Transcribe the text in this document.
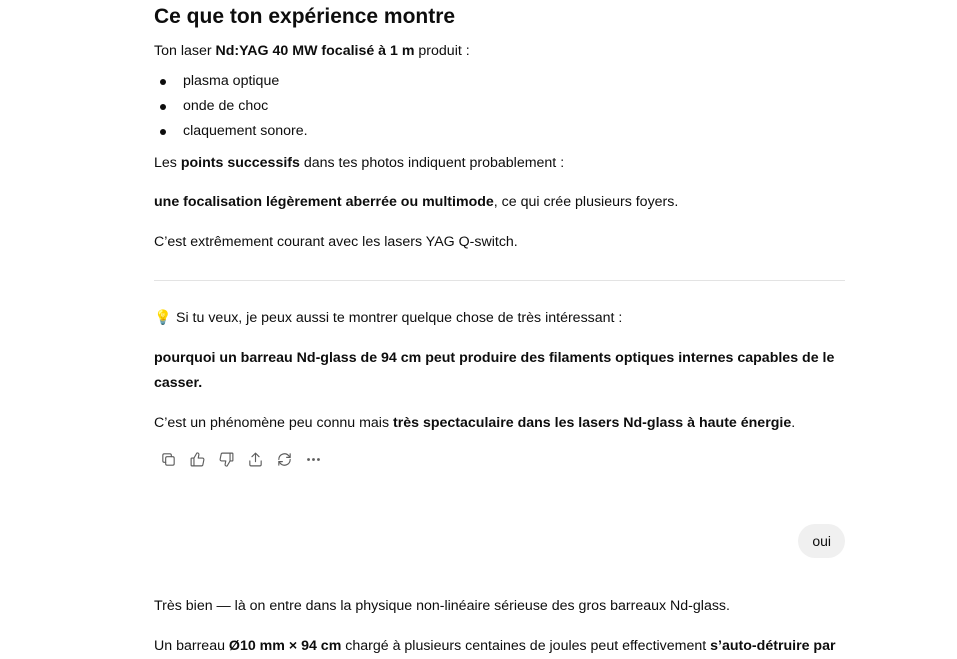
Ce que ton expérience montre

Ton laser Nd:YAG 40 MW focalisé à 1 m produit :

plasma optique
onde de choc
claquement sonore.

Les points successifs dans tes photos indiquent probablement :

une focalisation légèrement aberrée ou multimode, ce qui crée plusieurs foyers.

C’est extrêmement courant avec les lasers YAG Q-switch.

💡 Si tu veux, je peux aussi te montrer quelque chose de très intéressant :

pourquoi un barreau Nd-glass de 94 cm peut produire des filaments optiques internes capables de le casser.

C’est un phénomène peu connu mais très spectaculaire dans les lasers Nd-glass à haute énergie.

oui

Très bien — là on entre dans la physique non-linéaire sérieuse des gros barreaux Nd-glass.

Un barreau Ø10 mm × 94 cm chargé à plusieurs centaines de joules peut effectivement s’auto-détruire par
